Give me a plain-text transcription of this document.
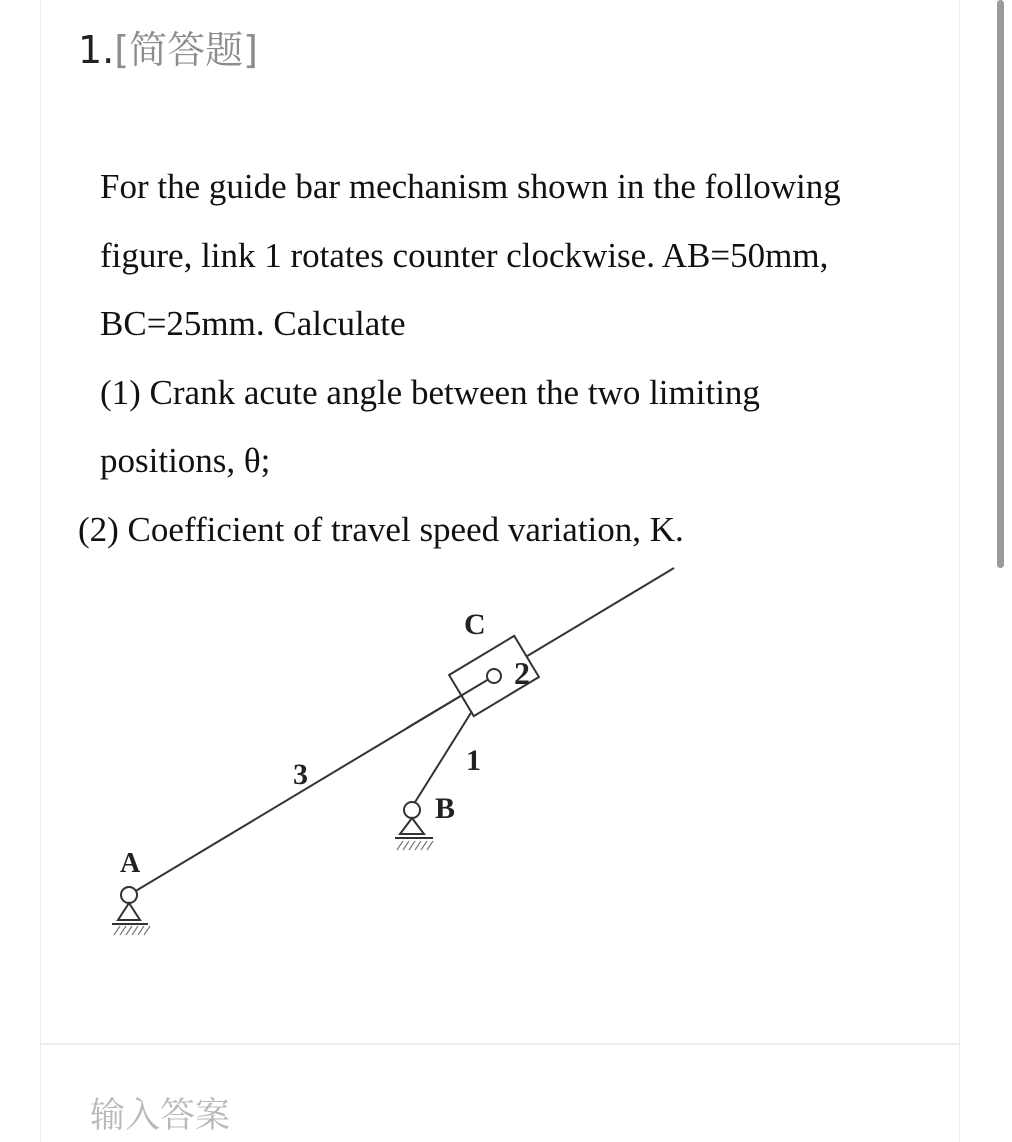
1.[简答题]

For the guide bar mechanism shown in the following figure, link 1 rotates counter clockwise. AB=50mm, BC=25mm. Calculate

(1) Crank acute angle between the two limiting positions, θ;

(2) Coefficient of travel speed variation, K.

A
B
C
1
2
3
输入答案
